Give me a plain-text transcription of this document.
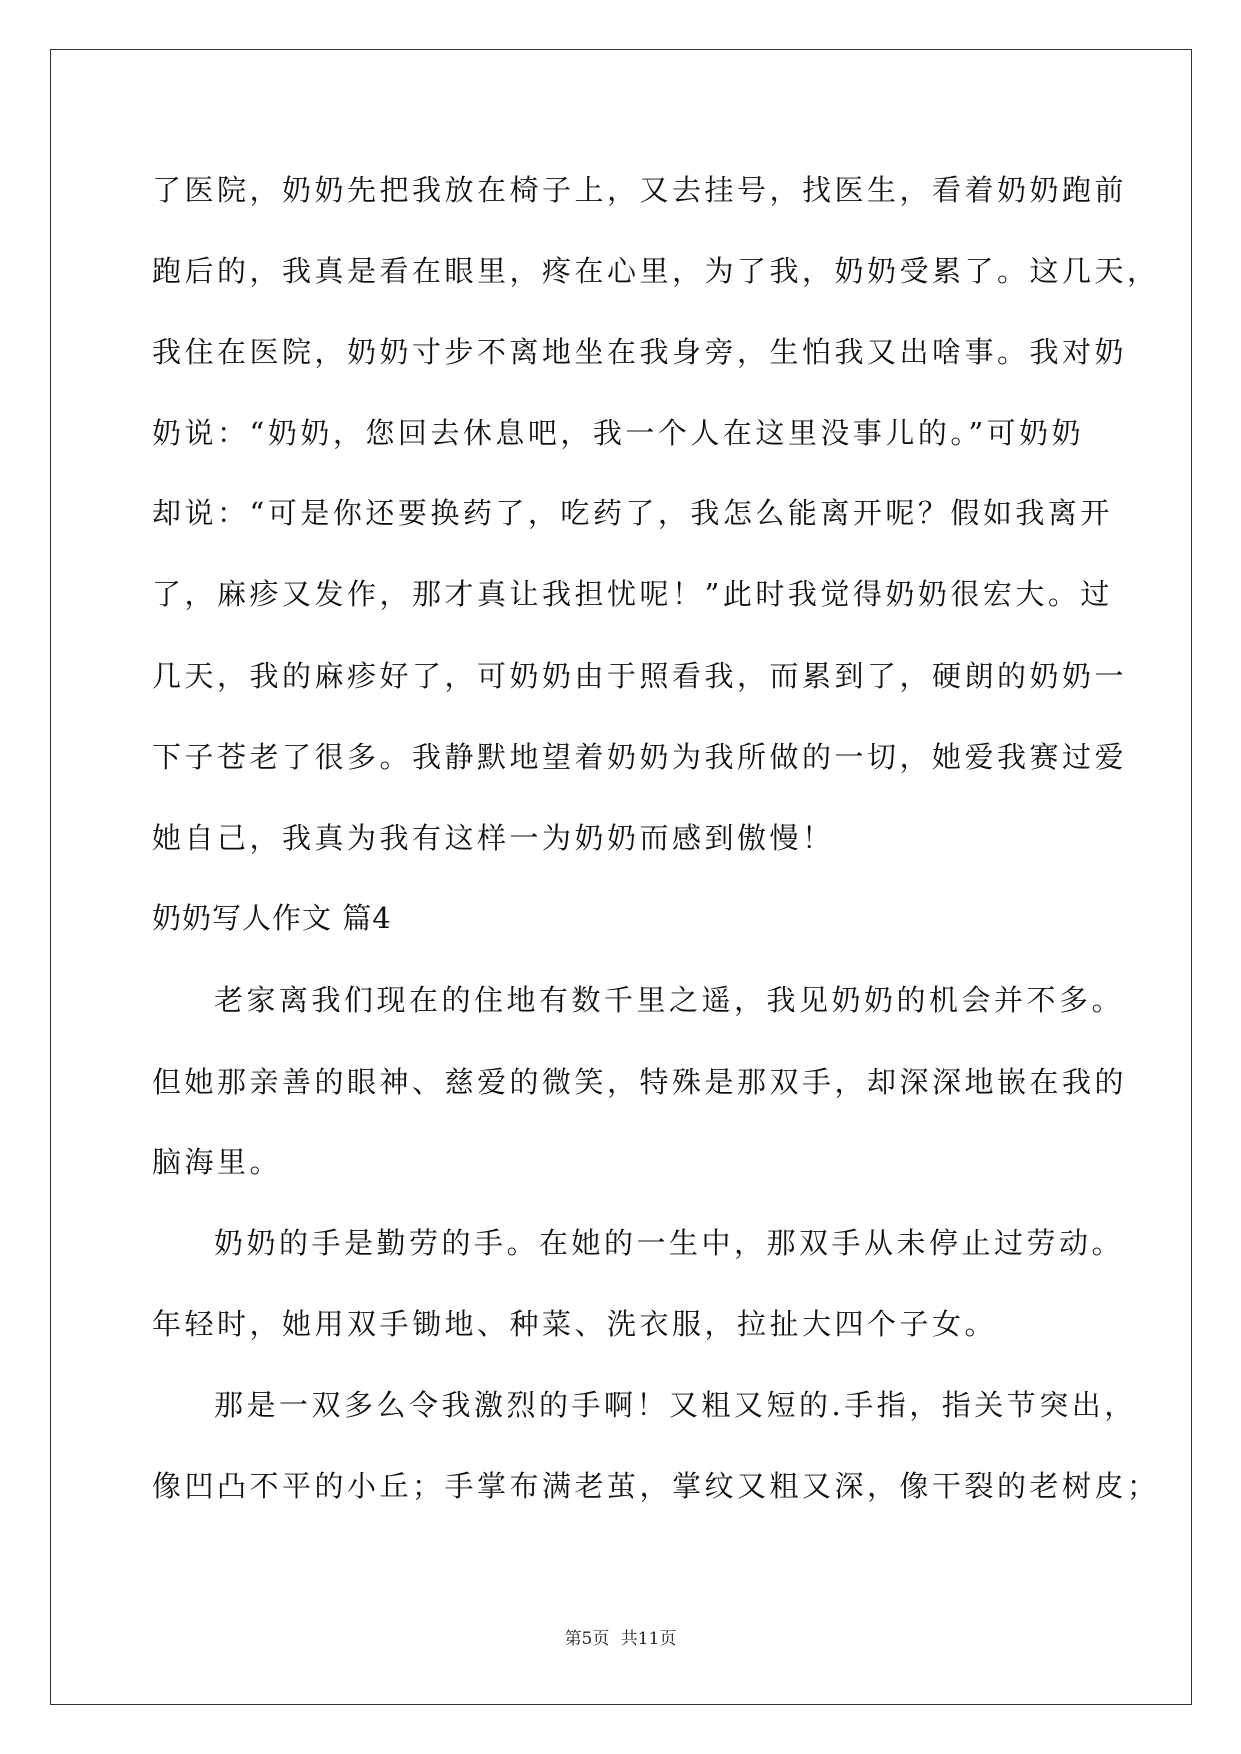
了医院，奶奶先把我放在椅子上，又去挂号，找医生，看着奶奶跑前
跑后的，我真是看在眼里，疼在心里，为了我，奶奶受累了。这几天，
我住在医院，奶奶寸步不离地坐在我身旁，生怕我又出啥事。我对奶
奶说：“奶奶，您回去休息吧，我一个人在这里没事儿的。”可奶奶
却说：“可是你还要换药了，吃药了，我怎么能离开呢？假如我离开
了，麻疹又发作，那才真让我担忧呢！”此时我觉得奶奶很宏大。过
几天，我的麻疹好了，可奶奶由于照看我，而累到了，硬朗的奶奶一
下子苍老了很多。我静默地望着奶奶为我所做的一切，她爱我赛过爱
她自己，我真为我有这样一为奶奶而感到傲慢！
奶奶写人作文 篇4
老家离我们现在的住地有数千里之遥，我见奶奶的机会并不多。
但她那亲善的眼神、慈爱的微笑，特殊是那双手，却深深地嵌在我的
脑海里。
奶奶的手是勤劳的手。在她的一生中，那双手从未停止过劳动。
年轻时，她用双手锄地、种菜、洗衣服，拉扯大四个子女。
那是一双多么令我激烈的手啊！又粗又短的.手指，指关节突出，
像凹凸不平的小丘；手掌布满老茧，掌纹又粗又深，像干裂的老树皮；
第5页 共11页
